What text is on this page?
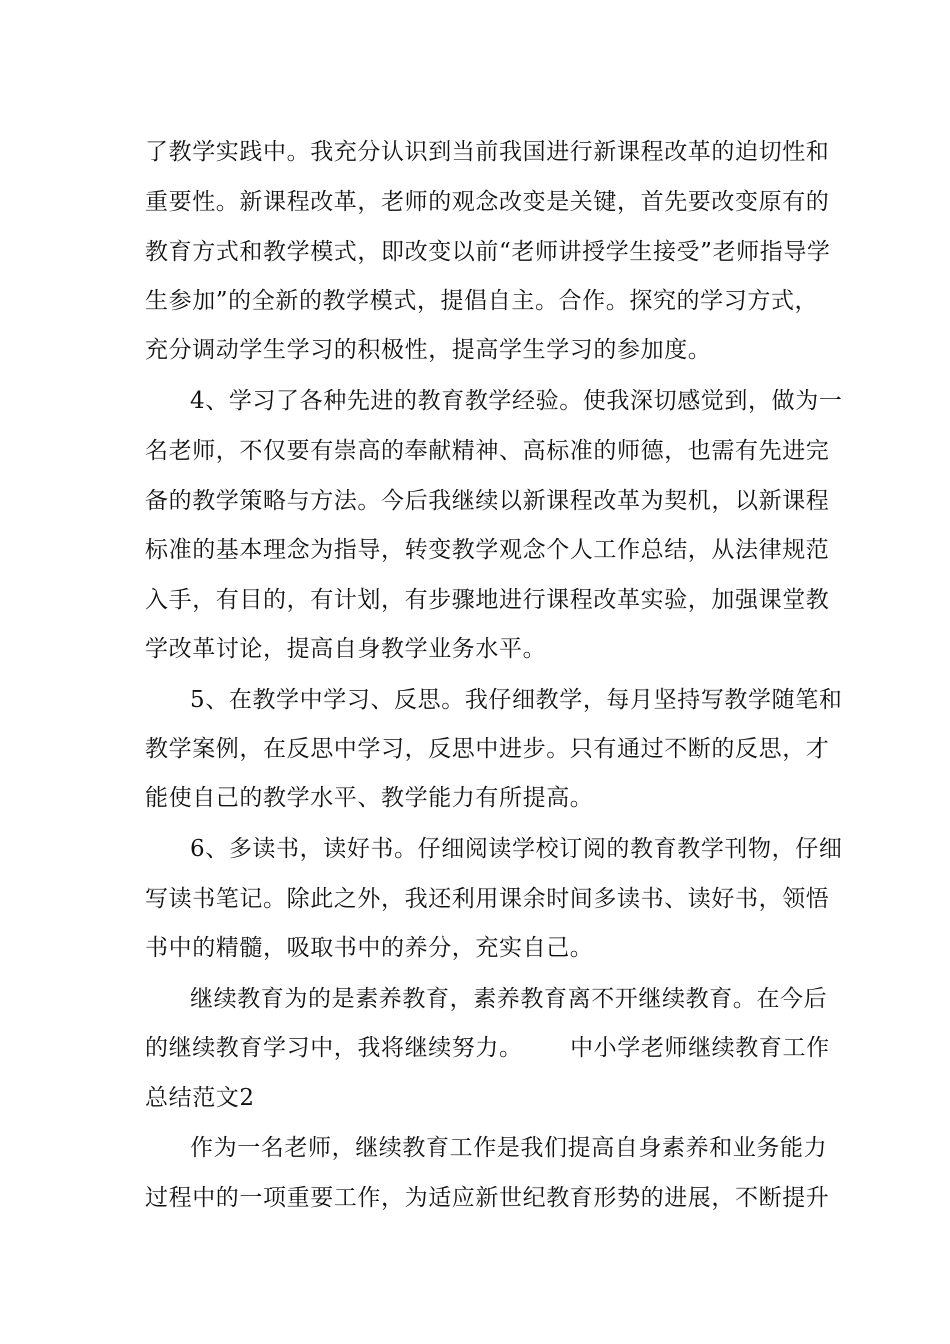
了教学实践中。我充分认识到当前我国进行新课程改革的迫切性和
重要性。新课程改革，老师的观念改变是关键，首先要改变原有的
教育方式和教学模式，即改变以前“老师讲授学生接受”老师指导学
生参加”的全新的教学模式，提倡自主。合作。探究的学习方式，
充分调动学生学习的积极性，提高学生学习的参加度。
4、学习了各种先进的教育教学经验。使我深切感觉到，做为一
名老师，不仅要有崇高的奉献精神、高标准的师德，也需有先进完
备的教学策略与方法。今后我继续以新课程改革为契机，以新课程
标准的基本理念为指导，转变教学观念个人工作总结，从法律规范
入手，有目的，有计划，有步骤地进行课程改革实验，加强课堂教
学改革讨论，提高自身教学业务水平。
5、在教学中学习、反思。我仔细教学，每月坚持写教学随笔和
教学案例，在反思中学习，反思中进步。只有通过不断的反思，才
能使自己的教学水平、教学能力有所提高。
6、多读书，读好书。仔细阅读学校订阅的教育教学刊物，仔细
写读书笔记。除此之外，我还利用课余时间多读书、读好书，领悟
书中的精髓，吸取书中的养分，充实自己。
继续教育为的是素养教育，素养教育离不开继续教育。在今后
的继续教育学习中，我将继续努力。      中小学老师继续教育工作
总结范文2
作为一名老师，继续教育工作是我们提高自身素养和业务能力
过程中的一项重要工作，为适应新世纪教育形势的进展，不断提升
